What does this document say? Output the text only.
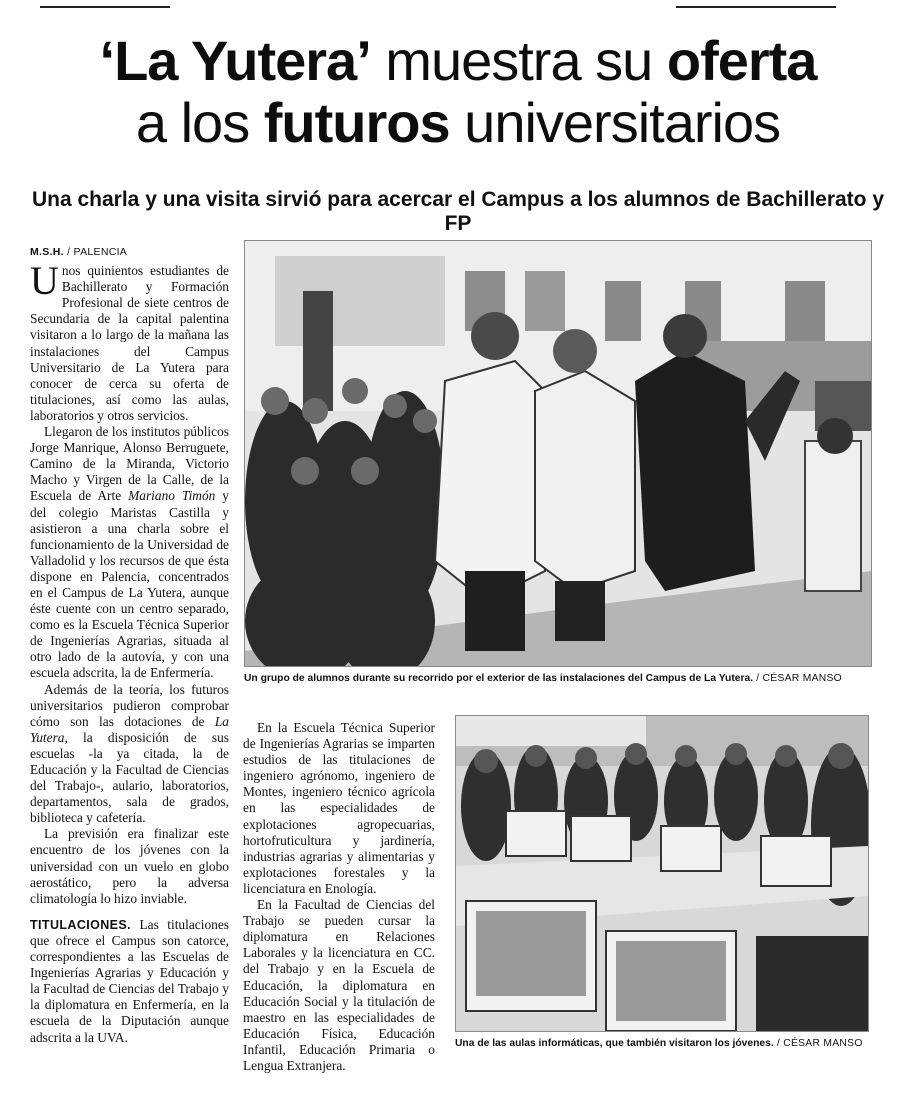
‘La Yutera’ muestra su oferta
a los futuros universitarios
Una charla y una visita sirvió para acercar el Campus a los alumnos de Bachillerato y FP
M.S.H. / PALENCIA

Unos quinientos estudiantes de Bachillerato y Formación Profesional de siete centros de Secundaria de la capital palentina visitaron a lo largo de la mañana las instalaciones del Campus Universitario de La Yutera para conocer de cerca su oferta de titulaciones, así como las aulas, laboratorios y otros servicios.

Llegaron de los institutos públicos Jorge Manrique, Alonso Berruguete, Camino de la Miranda, Victorio Macho y Virgen de la Calle, de la Escuela de Arte Mariano Timón y del colegio Maristas Castilla y asistieron a una charla sobre el funcionamiento de la Universidad de Valladolid y los recursos de que ésta dispone en Palencia, concentrados en el Campus de La Yutera, aunque éste cuente con un centro separado, como es la Escuela Técnica Superior de Ingenierías Agrarias, situada al otro lado de la autovía, y con una escuela adscrita, la de Enfermería.

Además de la teoría, los futuros universitarios pudieron comprobar cómo son las dotaciones de La Yutera, la disposición de sus escuelas -la ya citada, la de Educación y la Facultad de Ciencias del Trabajo-, aulario, laboratorios, departamentos, sala de grados, biblioteca y cafetería.

La previsión era finalizar este encuentro de los jóvenes con la universidad con un vuelo en globo aerostático, pero la adversa climatología lo hizo inviable.

TITULACIONES. Las titulaciones que ofrece el Campus son catorce, correspondientes a las Escuelas de Ingenierías Agrarias y Educación y la Facultad de Ciencias del Trabajo y la diplomatura en Enfermería, en la escuela de la Diputación aunque adscrita a la UVA.

Un grupo de alumnos durante su recorrido por el exterior de las instalaciones del Campus de La Yutera. / CÉSAR MANSO

En la Escuela Técnica Superior de Ingenierías Agrarias se imparten estudios de las titulaciones de ingeniero agrónomo, ingeniero de Montes, ingeniero técnico agrícola en las especialidades de explotaciones agropecuarias, hortofruticultura y jardinería, industrias agrarias y alimentarias y explotaciones forestales y la licenciatura en Enología.

En la Facultad de Ciencias del Trabajo se pueden cursar la diplomatura en Relaciones Laborales y la licenciatura en CC. del Trabajo y en la Escuela de Educación, la diplomatura en Educación Social y la titulación de maestro en las especialidades de Educación Física, Educación Infantil, Educación Primaria o Lengua Extranjera.

Una de las aulas informáticas, que también visitaron los jóvenes. / CÉSAR MANSO
